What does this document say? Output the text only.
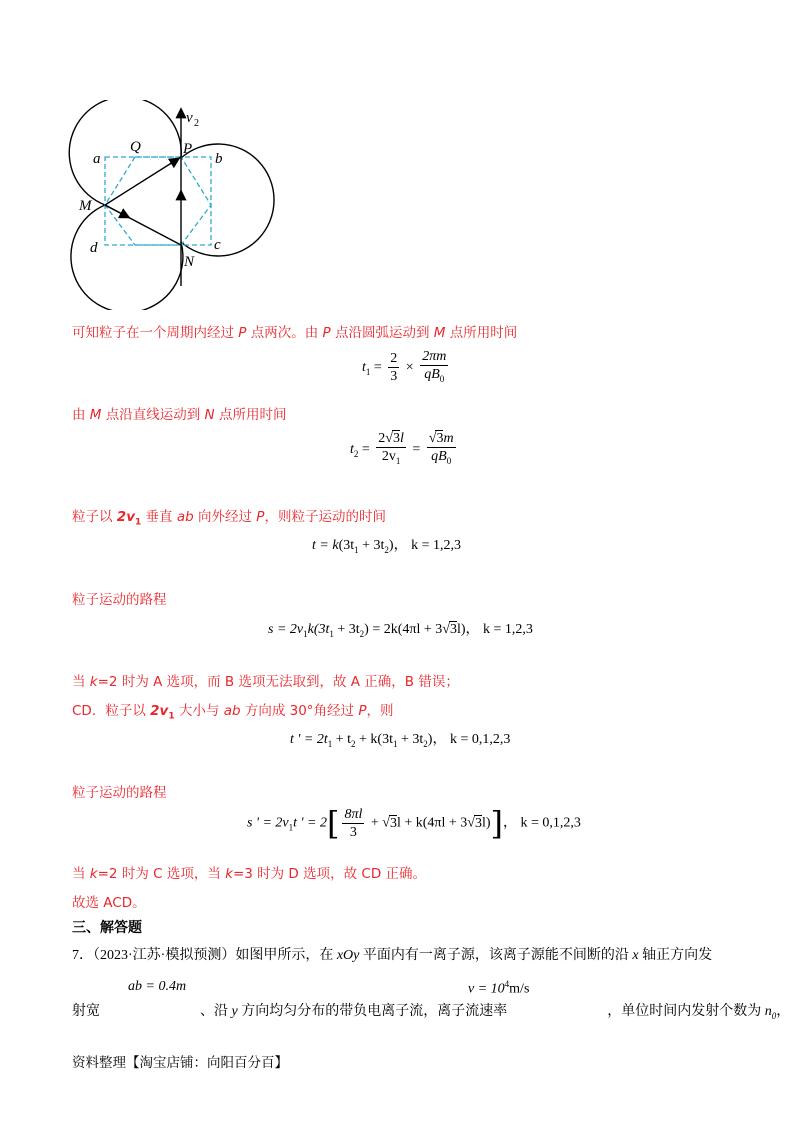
v 2
P
Q
a	b
M
d	c
N
可知粒子在一个周期内经过 P 点两次。由 P 点沿圆弧运动到 M 点所用时间
$t_1 = \frac{2}{3} \times \frac{2\pi m}{qB_0}$
由 M 点沿直线运动到 N 点所用时间
$t_2 = \frac{2√3l}{2v_1} = \frac{√3m}{qB_0}$
粒子以 $2v_1$ 垂直 ab 向外经过 P，则粒子运动的时间
$t = k(3t_1 + 3t_2)$， k = 1,2,3
粒子运动的路程
$s = 2v_1k(3t_1 + 3t_2) = 2k(4\pi l + 3√3l)$， k = 1,2,3
当 k=2 时为 A 选项，而 B 选项无法取到，故 A 正确，B 错误；
CD．粒子以 $2v_1$ 大小与 ab 方向成 30°角经过 P，则
t ' = $2t_1 + t_2 + k(3t_1 + 3t_2)$， k = 0,1,2,3
粒子运动的路程
s ' = $2v_1t$ ' = $2[ \frac{8\pi l}{3} + √3l + k(4\pi l + 3√3l)]$， k = 0,1,2,3
当 k=2 时为 C 选项，当 k=3 时为 D 选项，故 CD 正确。
故选 ACD。
三、解答题
7．（2023·江苏·模拟预测）如图甲所示，在 xOy 平面内有一离子源，该离子源能不间断的沿 x 轴正方向发
ab = 0.4m	$v = 10^4m/s$
射宽	、沿 y 方向均匀分布的带负电离子流，离子流速率	，单位时间内发射个数为 $n_0$，
资料整理【淘宝店铺：向阳百分百】
